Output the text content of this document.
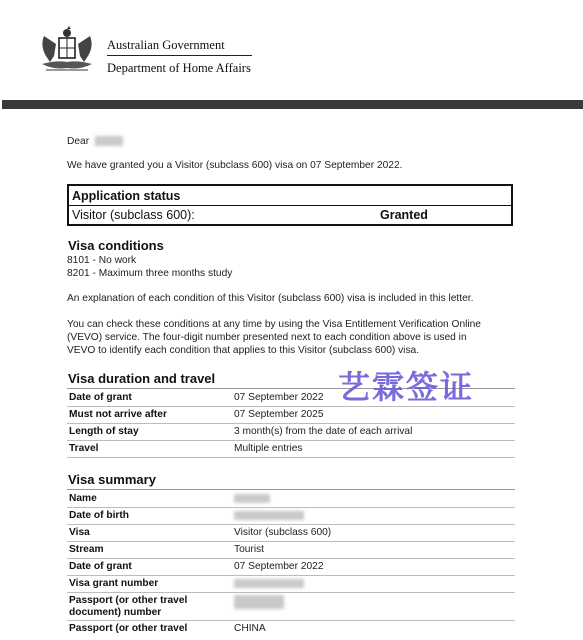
Australian Government
Department of Home Affairs
Dear
We have granted you a Visitor (subclass 600) visa on 07 September 2022.
Application status
Visitor (subclass 600):	Granted
Visa conditions
8101 - No work
8201 - Maximum three months study
An explanation of each condition of this Visitor (subclass 600) visa is included in this letter.
You can check these conditions at any time by using the Visa Entitlement Verification Online
(VEVO) service. The four-digit number presented next to each condition above is used in
VEVO to identify each condition that applies to this Visitor (subclass 600) visa.
Visa duration and travel
Date of grant	07 September 2022
Must not arrive after	07 September 2025
Length of stay	3 month(s) from the date of each arrival
Travel	Multiple entries
艺霖签证
Visa summary
Name
Date of birth
Visa	Visitor (subclass 600)
Stream	Tourist
Date of grant	07 September 2022
Visa grant number
Passport (or other travel
document) number
Passport (or other travel	CHINA
